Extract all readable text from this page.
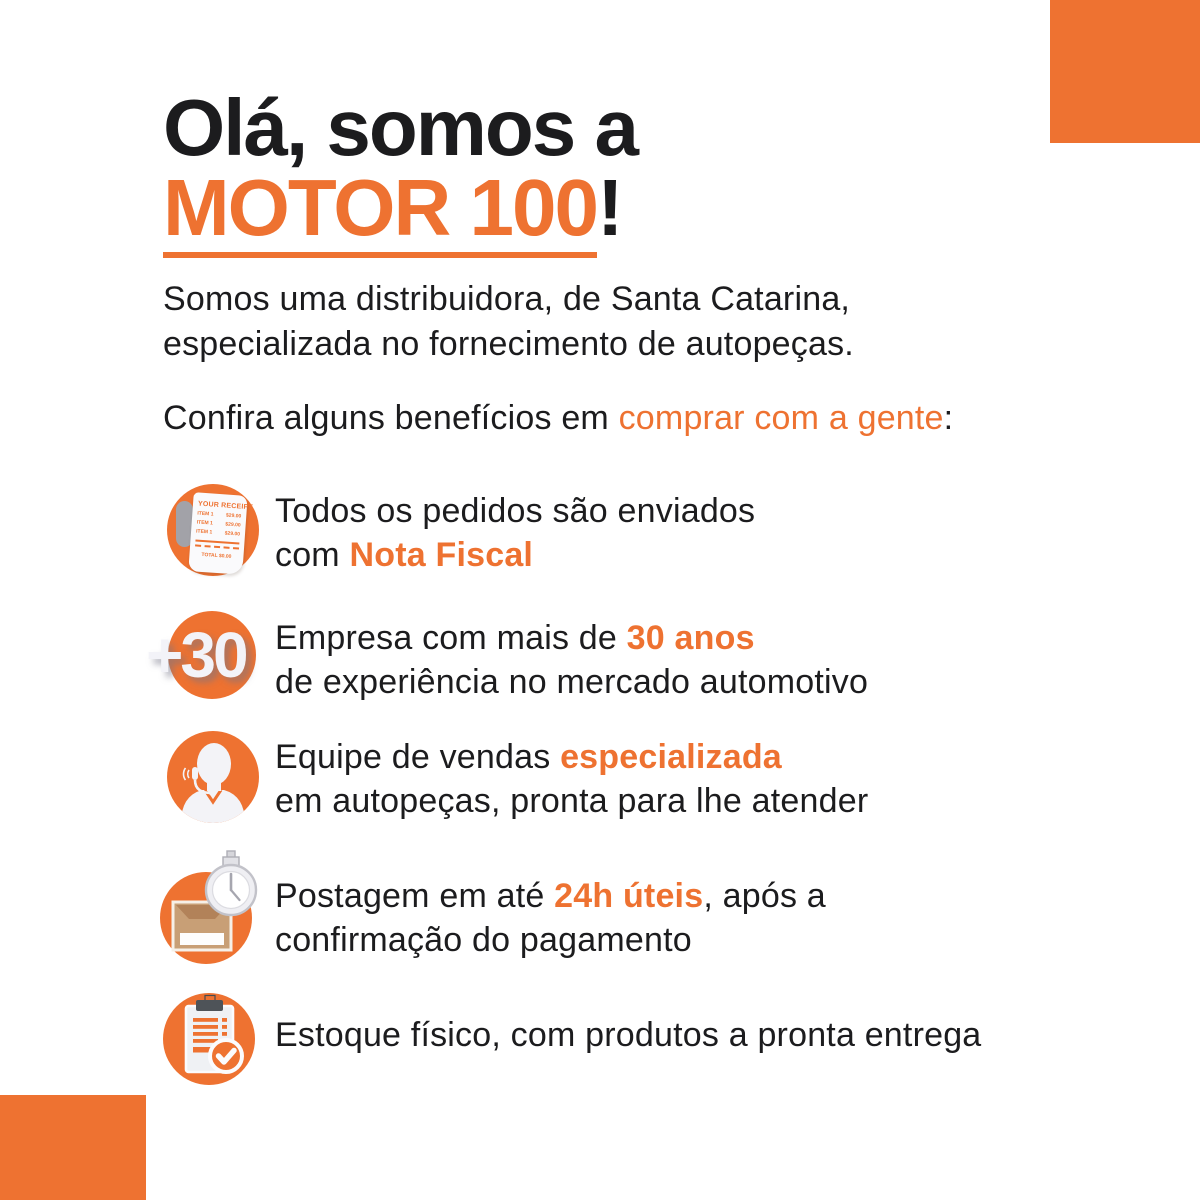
Olá, somos a
MOTOR 100!

Somos uma distribuidora, de Santa Catarina,
especializada no fornecimento de autopeças.

Confira alguns benefícios em comprar com a gente:

YOUR RECEIPT
ITEM 1 $29.00
ITEM 1 $29.00
ITEM 1 $29.00
TOTAL $0.00
Todos os pedidos são enviados
com Nota Fiscal
+30 Empresa com mais de 30 anos
de experiência no mercado automotivo
Equipe de vendas especializada
em autopeças, pronta para lhe atender
Postagem em até 24h úteis, após a
confirmação do pagamento
Estoque físico, com produtos a pronta entrega
